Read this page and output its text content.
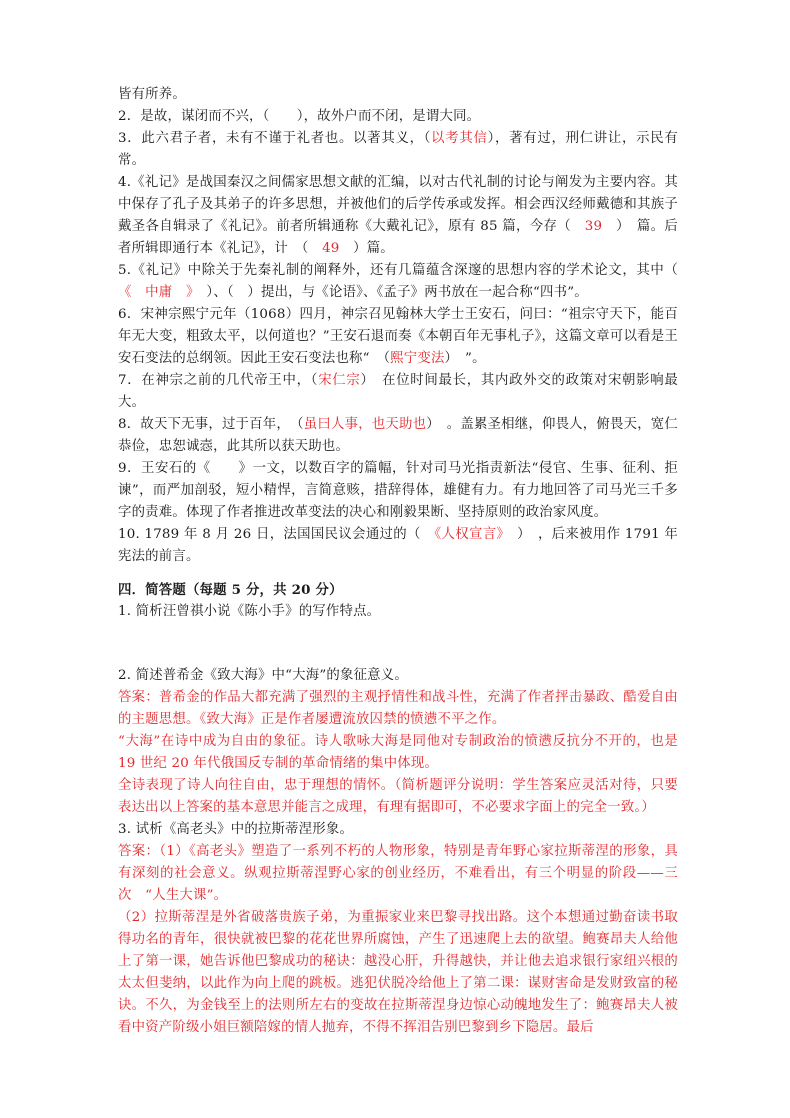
皆有所养。

2．是故，谋闭而不兴，（　　），故外户而不闭，是谓大同。

3．此六君子者，未有不谨于礼者也。以著其义，（以考其信），著有过，刑仁讲让，示民有常。

4.《礼记》是战国秦汉之间儒家思想文献的汇编，以对古代礼制的讨论与阐发为主要内容。其中保存了孔子及其弟子的许多思想，并被他们的后学传承或发挥。相会西汉经师戴德和其族子戴圣各自辑录了《礼记》。前者所辑通称《大戴礼记》，原有 85 篇，今存（　39　）　篇。后者所辑即通行本《礼记》，计　（　49　）篇。

5.《礼记》中除关于先秦礼制的阐释外，还有几篇蕴含深邃的思想内容的学术论文，其中（　《　中庸　》　）、（　）提出，与《论语》、《孟子》两书放在一起合称“四书”。

6．宋神宗熙宁元年（1068）四月，神宗召见翰林大学士王安石，问曰：“祖宗守天下，能百年无大变，粗致太平，以何道也？”王安石退而奏《本朝百年无事札子》，这篇文章可以看是王安石变法的总纲领。因此王安石变法也称“　（熙宁变法）　”。

7．在神宗之前的几代帝王中，（宋仁宗）　在位时间最长，其内政外交的政策对宋朝影响最大。

8．故天下无事，过于百年，　（虽曰人事，也天助也）　。盖累圣相继，仰畏人，俯畏天，宽仁恭俭，忠恕诚悫，此其所以获天助也。

9．王安石的《　　》一文，以数百字的篇幅，针对司马光指责新法“侵官、生事、征利、拒谏”，而严加剖驳，短小精悍，言简意赅，措辞得体，雄健有力。有力地回答了司马光三千多字的责难。体现了作者推进改革变法的决心和刚毅果断、坚持原则的政治家风度。

10. 1789 年 8 月 26 日，法国国民议会通过的（　《人权宣言》　）　，后来被用作 1791 年宪法的前言。

四．简答题（每题 5 分，共 20 分）

1. 简析汪曾祺小说《陈小手》的写作特点。

2. 简述普希金《致大海》中“大海”的象征意义。

答案：普希金的作品大都充满了强烈的主观抒情性和战斗性，充满了作者抨击暴政、酷爱自由的主题思想。《致大海》正是作者屡遭流放囚禁的愤懑不平之作。

“大海”在诗中成为自由的象征。诗人歌咏大海是同他对专制政治的愤懑反抗分不开的，也是 19 世纪 20 年代俄国反专制的革命情绪的集中体现。

全诗表现了诗人向往自由，忠于理想的情怀。（简析题评分说明：学生答案应灵活对待，只要表达出以上答案的基本意思并能言之成理，有理有据即可，不必要求字面上的完全一致。）

3. 试析《高老头》中的拉斯蒂涅形象。

答案：（1）《高老头》塑造了一系列不朽的人物形象，特别是青年野心家拉斯蒂涅的形象，具有深刻的社会意义。纵观拉斯蒂涅野心家的创业经历，不难看出，有三个明显的阶段——三次　“人生大课”。

（2）拉斯蒂涅是外省破落贵族子弟，为重振家业来巴黎寻找出路。这个本想通过勤奋读书取得功名的青年，很快就被巴黎的花花世界所腐蚀，产生了迅速爬上去的欲望。鲍赛昂夫人给他上了第一课，她告诉他巴黎成功的秘诀：越没心肝，升得越快，并让他去追求银行家纽兴根的太太但斐纳，以此作为向上爬的跳板。逃犯伏脱冷给他上了第二课：谋财害命是发财致富的秘诀。不久，为金钱至上的法则所左右的变故在拉斯蒂涅身边惊心动魄地发生了：鲍赛昂夫人被看中资产阶级小姐巨额陪嫁的情人抛弃，不得不挥泪告别巴黎到乡下隐居。最后
